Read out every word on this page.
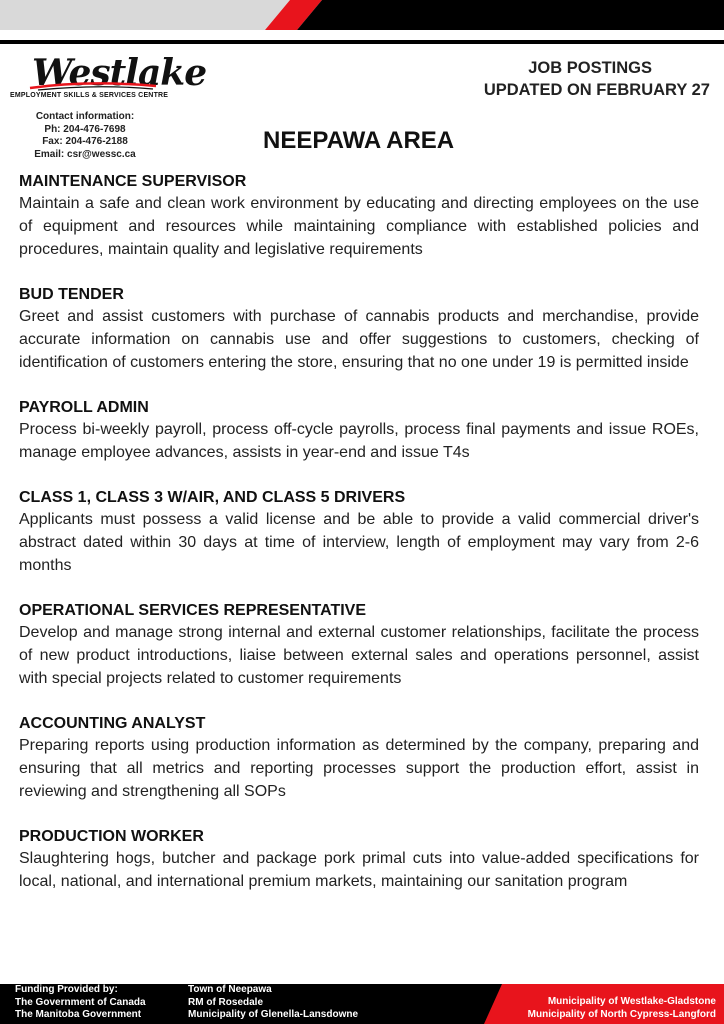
Westlake
EMPLOYMENT SKILLS & SERVICES CENTRE
Contact information:
Ph: 204-476-7698
Fax: 204-476-2188
Email: csr@wessc.ca
JOB POSTINGS
UPDATED ON FEBRUARY 27
NEEPAWA AREA
MAINTENANCE SUPERVISOR
Maintain a safe and clean work environment by educating and directing employees on the use of equipment and resources while maintaining compliance with established policies and procedures, maintain quality and legislative requirements
BUD TENDER
Greet and assist customers with purchase of cannabis products and merchandise, provide accurate information on cannabis use and offer suggestions to customers, checking of identification of customers entering the store, ensuring that no one under 19 is permitted inside
PAYROLL ADMIN
Process bi-weekly payroll, process off-cycle payrolls, process final payments and issue ROEs, manage employee advances, assists in year-end and issue T4s
CLASS 1, CLASS 3 W/AIR, AND CLASS 5 DRIVERS
Applicants must possess a valid license and be able to provide a valid commercial driver's abstract dated within 30 days at time of interview, length of employment may vary from 2-6 months
OPERATIONAL SERVICES REPRESENTATIVE
Develop and manage strong internal and external customer relationships, facilitate the process of new product introductions, liaise between external sales and operations personnel, assist with special projects related to customer requirements
ACCOUNTING ANALYST
Preparing reports using production information as determined by the company, preparing and ensuring that all metrics and reporting processes support the production effort, assist in reviewing and strengthening all SOPs
PRODUCTION WORKER
Slaughtering hogs, butcher and package pork primal cuts into value-added specifications for local, national, and international premium markets, maintaining our sanitation program
Funding Provided by:
The Government of Canada
The Manitoba Government
Town of Neepawa
RM of Rosedale
Municipality of Glenella-Lansdowne
Municipality of Westlake-Gladstone
Municipality of North Cypress-Langford
